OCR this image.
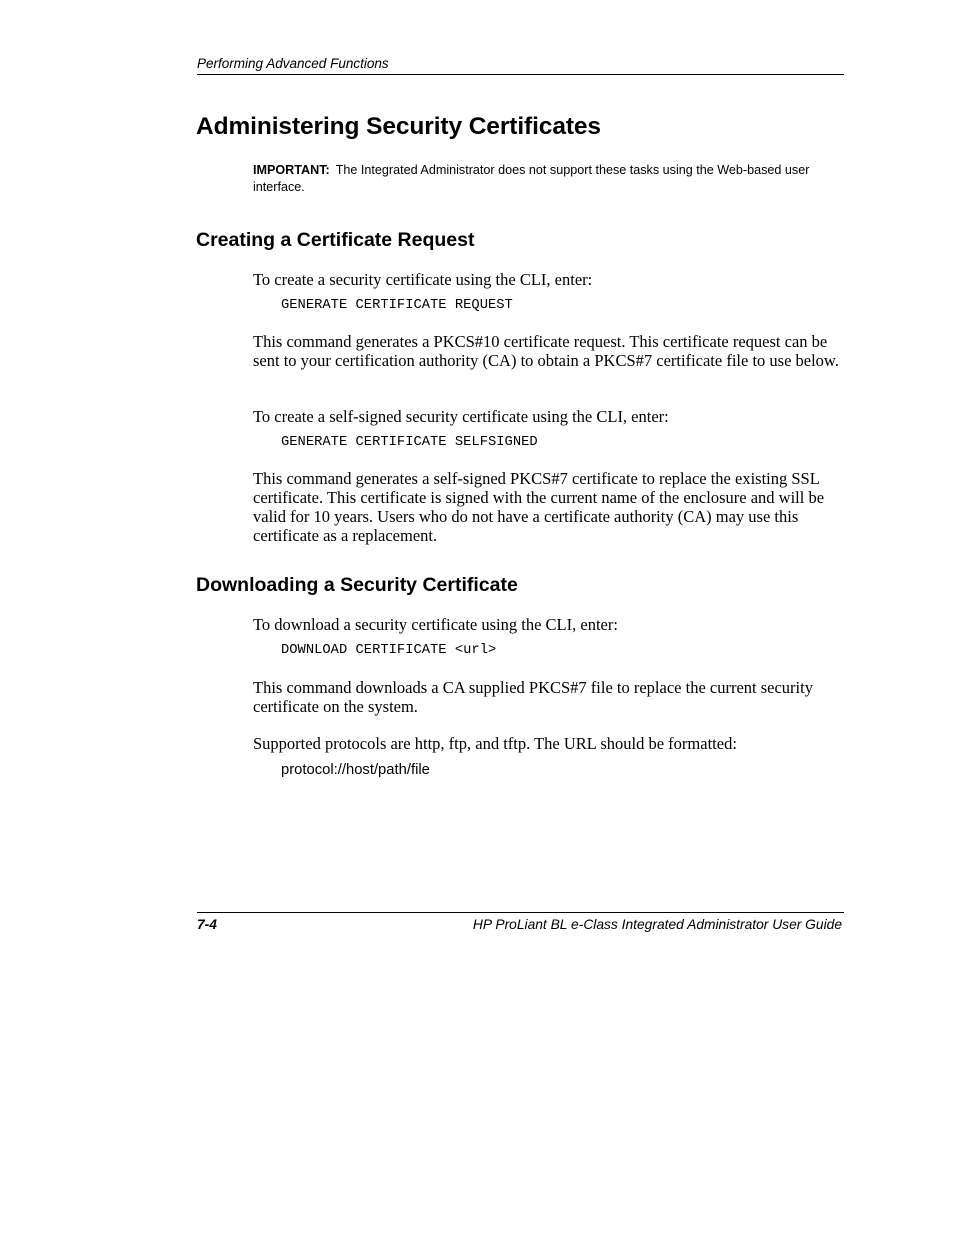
Performing Advanced Functions
Administering Security Certificates
IMPORTANT: The Integrated Administrator does not support these tasks using the Web-based user interface.
Creating a Certificate Request

To create a security certificate using the CLI, enter:

GENERATE CERTIFICATE REQUEST

This command generates a PKCS#10 certificate request. This certificate request can be sent to your certification authority (CA) to obtain a PKCS#7 certificate file to use below.

To create a self-signed security certificate using the CLI, enter:

GENERATE CERTIFICATE SELFSIGNED

This command generates a self-signed PKCS#7 certificate to replace the existing SSL certificate. This certificate is signed with the current name of the enclosure and will be valid for 10 years. Users who do not have a certificate authority (CA) may use this certificate as a replacement.

Downloading a Security Certificate

To download a security certificate using the CLI, enter:

DOWNLOAD CERTIFICATE <url>

This command downloads a CA supplied PKCS#7 file to replace the current security certificate on the system.

Supported protocols are http, ftp, and tftp. The URL should be formatted:

protocol://host/path/file

7-4	HP ProLiant BL e-Class Integrated Administrator User Guide
